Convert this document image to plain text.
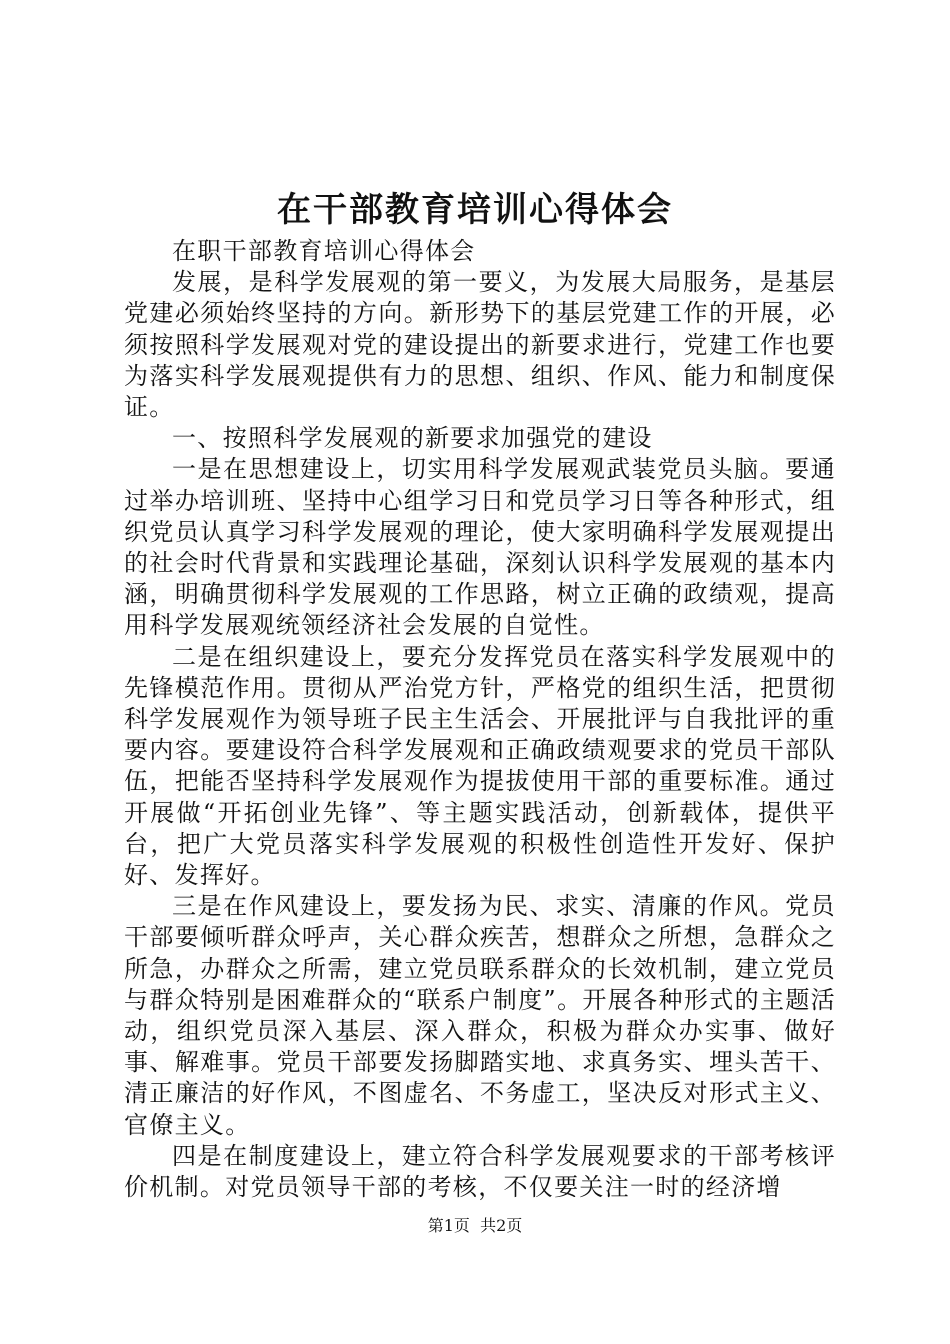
在干部教育培训心得体会

在职干部教育培训心得体会

发展，是科学发展观的第一要义，为发展大局服务，是基层党建必须始终坚持的方向。新形势下的基层党建工作的开展，必须按照科学发展观对党的建设提出的新要求进行，党建工作也要为落实科学发展观提供有力的思想、组织、作风、能力和制度保证。

一、按照科学发展观的新要求加强党的建设

一是在思想建设上，切实用科学发展观武装党员头脑。要通过举办培训班、坚持中心组学习日和党员学习日等各种形式，组织党员认真学习科学发展观的理论，使大家明确科学发展观提出的社会时代背景和实践理论基础，深刻认识科学发展观的基本内涵，明确贯彻科学发展观的工作思路，树立正确的政绩观，提高用科学发展观统领经济社会发展的自觉性。

二是在组织建设上，要充分发挥党员在落实科学发展观中的先锋模范作用。贯彻从严治党方针，严格党的组织生活，把贯彻科学发展观作为领导班子民主生活会、开展批评与自我批评的重要内容。要建设符合科学发展观和正确政绩观要求的党员干部队伍，把能否坚持科学发展观作为提拔使用干部的重要标准。通过开展做“开拓创业先锋”、等主题实践活动，创新载体，提供平台，把广大党员落实科学发展观的积极性创造性开发好、保护好、发挥好。

三是在作风建设上，要发扬为民、求实、清廉的作风。党员干部要倾听群众呼声，关心群众疾苦，想群众之所想，急群众之所急，办群众之所需，建立党员联系群众的长效机制，建立党员与群众特别是困难群众的“联系户制度”。开展各种形式的主题活动，组织党员深入基层、深入群众，积极为群众办实事、做好事、解难事。党员干部要发扬脚踏实地、求真务实、埋头苦干、清正廉洁的好作风，不图虚名、不务虚工，坚决反对形式主义、官僚主义。

四是在制度建设上，建立符合科学发展观要求的干部考核评价机制。对党员领导干部的考核，不仅要关注一时的经济增

第1页  共2页
